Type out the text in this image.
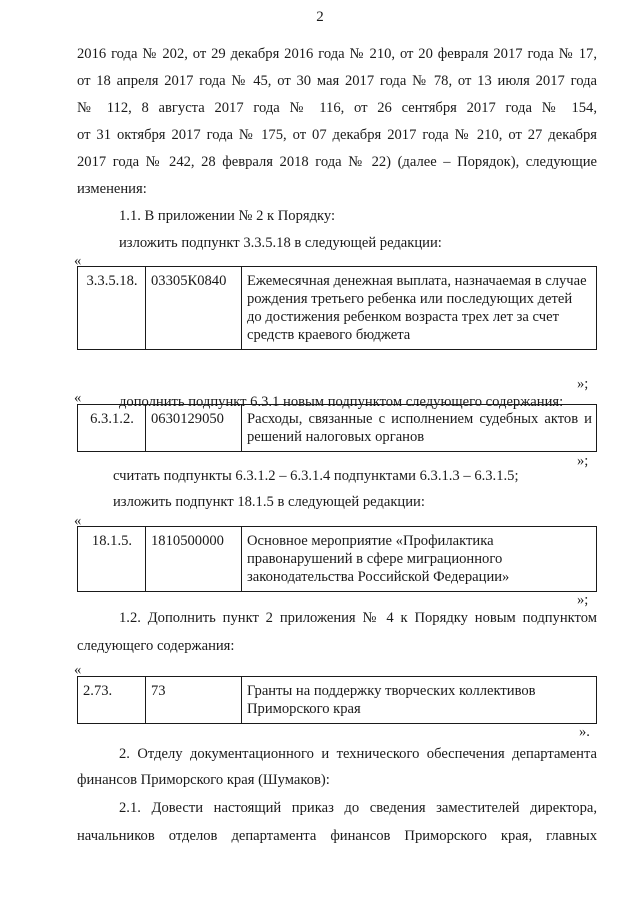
2
2016 года № 202, от 29 декабря 2016 года № 210, от 20 февраля 2017 года № 17,
от 18 апреля 2017 года № 45, от 30 мая 2017 года № 78, от 13 июля 2017 года
№ 112, 8 августа 2017 года № 116, от 26 сентября 2017 года № 154,
от 31 октября 2017 года № 175, от 07 декабря 2017 года № 210, от 27 декабря
2017 года № 242, 28 февраля 2018 года № 22) (далее – Порядок), следующие
изменения:
1.1. В приложении № 2 к Порядку:
изложить подпункт 3.3.5.18 в следующей редакции:
«
3.3.5.18.	03305К0840	Ежемесячная денежная выплата, назначаемая в случае
рождения третьего ребенка или последующих детей
до достижения ребенком возраста трех лет за счет
средств краевого бюджета
»;
дополнить подпункт 6.3.1 новым подпунктом следующего содержания:
«
6.3.1.2.	0630129050	Расходы, связанные с исполнением судебных актов и
решений налоговых органов
»;
считать подпункты 6.3.1.2 – 6.3.1.4 подпунктами 6.3.1.3 – 6.3.1.5;
изложить подпункт 18.1.5 в следующей редакции:
«
18.1.5.	1810500000	Основное мероприятие «Профилактика
правонарушений в сфере миграционного
законодательства Российской Федерации»
»;
1.2. Дополнить пункт 2 приложения № 4 к Порядку новым подпунктом
следующего содержания:
«
2.73.	73	Гранты на поддержку творческих коллективов
Приморского края
».
2. Отделу документационного и технического обеспечения департамента
финансов Приморского края (Шумаков):
2.1. Довести настоящий приказ до сведения заместителей директора,
начальников отделов департамента финансов Приморского края, главных
